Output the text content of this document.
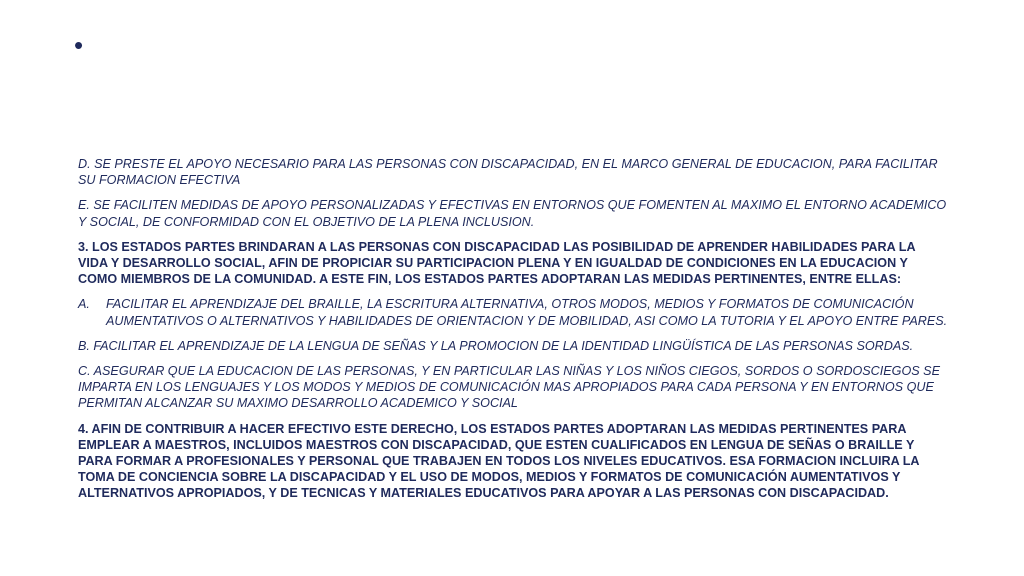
•

D. SE PRESTE EL APOYO NECESARIO PARA LAS PERSONAS CON DISCAPACIDAD, EN EL MARCO GENERAL DE EDUCACION, PARA FACILITAR SU FORMACION EFECTIVA

E. SE FACILITEN MEDIDAS DE APOYO PERSONALIZADAS Y EFECTIVAS EN ENTORNOS QUE FOMENTEN AL MAXIMO EL ENTORNO ACADEMICO Y SOCIAL, DE CONFORMIDAD CON EL OBJETIVO DE LA PLENA INCLUSION.

3. LOS ESTADOS PARTES BRINDARAN A LAS PERSONAS CON DISCAPACIDAD LAS POSIBILIDAD DE APRENDER HABILIDADES PARA LA VIDA Y DESARROLLO SOCIAL, AFIN DE PROPICIAR SU PARTICIPACION PLENA Y EN IGUALDAD DE CONDICIONES EN LA EDUCACION Y COMO MIEMBROS DE LA COMUNIDAD. A ESTE FIN, LOS ESTADOS PARTES ADOPTARAN LAS MEDIDAS PERTINENTES, ENTRE ELLAS:

A.	FACILITAR EL APRENDIZAJE DEL BRAILLE, LA ESCRITURA ALTERNATIVA, OTROS MODOS, MEDIOS Y FORMATOS DE COMUNICACIÓN AUMENTATIVOS O ALTERNATIVOS Y HABILIDADES DE ORIENTACION Y DE MOBILIDAD, ASI COMO LA TUTORIA Y EL APOYO ENTRE PARES.

B. FACILITAR EL APRENDIZAJE DE LA LENGUA DE SEÑAS Y LA PROMOCION DE LA IDENTIDAD LINGÜÍSTICA DE LAS PERSONAS SORDAS.

C. ASEGURAR QUE LA EDUCACION DE LAS PERSONAS, Y EN PARTICULAR LAS NIÑAS Y LOS NIÑOS CIEGOS, SORDOS O SORDOSCIEGOS SE IMPARTA EN LOS LENGUAJES Y LOS MODOS Y MEDIOS DE COMUNICACIÓN MAS APROPIADOS PARA CADA PERSONA Y EN ENTORNOS QUE PERMITAN ALCANZAR SU MAXIMO DESARROLLO ACADEMICO Y SOCIAL

4. AFIN DE CONTRIBUIR A HACER EFECTIVO ESTE DERECHO, LOS ESTADOS PARTES ADOPTARAN LAS MEDIDAS PERTINENTES PARA EMPLEAR A MAESTROS, INCLUIDOS MAESTROS CON DISCAPACIDAD, QUE ESTEN CUALIFICADOS EN LENGUA DE SEÑAS O BRAILLE Y PARA FORMAR A PROFESIONALES Y PERSONAL QUE TRABAJEN EN TODOS LOS NIVELES EDUCATIVOS. ESA FORMACION INCLUIRA LA TOMA DE CONCIENCIA SOBRE LA DISCAPACIDAD Y EL USO DE MODOS, MEDIOS Y FORMATOS DE COMUNICACIÓN AUMENTATIVOS Y ALTERNATIVOS APROPIADOS, Y DE TECNICAS Y MATERIALES EDUCATIVOS PARA APOYAR A LAS PERSONAS CON DISCAPACIDAD.
